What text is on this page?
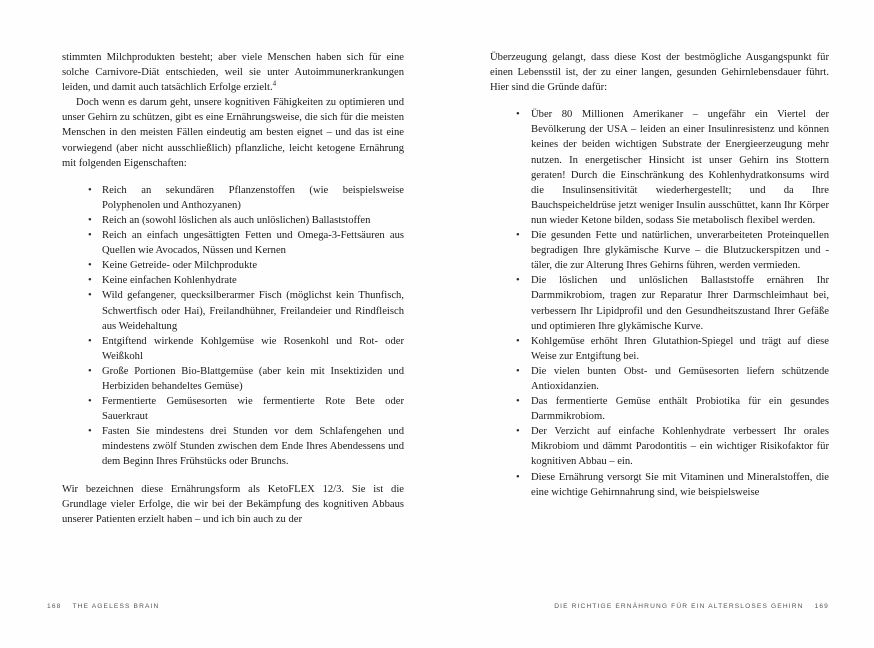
stimmten Milchprodukten besteht; aber viele Menschen haben sich für eine solche Carnivore-Diät entschieden, weil sie unter Autoimmunerkrankungen leiden, und damit auch tatsächlich Erfolge erzielt.$^4$

Doch wenn es darum geht, unsere kognitiven Fähigkeiten zu optimieren und unser Gehirn zu schützen, gibt es eine Ernährungsweise, die sich für die meisten Menschen in den meisten Fällen eindeutig am besten eignet – und das ist eine vorwiegend (aber nicht ausschließlich) pflanzliche, leicht ketogene Ernährung mit folgenden Eigenschaften:

• Reich an sekundären Pflanzenstoffen (wie beispielsweise Polyphenolen und Anthozyanen)
• Reich an (sowohl löslichen als auch unlöslichen) Ballaststoffen
• Reich an einfach ungesättigten Fetten und Omega-3-Fettsäuren aus Quellen wie Avocados, Nüssen und Kernen
• Keine Getreide- oder Milchprodukte
• Keine einfachen Kohlenhydrate
• Wild gefangener, quecksilberarmer Fisch (möglichst kein Thunfisch, Schwertfisch oder Hai), Freilandhühner, Freilandeier und Rindfleisch aus Weidehaltung
• Entgiftend wirkende Kohlgemüse wie Rosenkohl und Rot- oder Weißkohl
• Große Portionen Bio-Blattgemüse (aber kein mit Insektiziden und Herbiziden behandeltes Gemüse)
• Fermentierte Gemüsesorten wie fermentierte Rote Bete oder Sauerkraut
• Fasten Sie mindestens drei Stunden vor dem Schlafengehen und mindestens zwölf Stunden zwischen dem Ende Ihres Abendessens und dem Beginn Ihres Frühstücks oder Brunchs.

Wir bezeichnen diese Ernährungsform als KetoFLEX 12/3. Sie ist die Grundlage vieler Erfolge, die wir bei der Bekämpfung des kognitiven Abbaus unserer Patienten erzielt haben – und ich bin auch zu der

168 THE AGELESS BRAIN

Überzeugung gelangt, dass diese Kost der bestmögliche Ausgangspunkt für einen Lebensstil ist, der zu einer langen, gesunden Gehirnlebensdauer führt. Hier sind die Gründe dafür:

•	Über 80 Millionen Amerikaner – ungefähr ein Viertel der Bevölkerung der USA – leiden an einer Insulinresistenz und können keines der beiden wichtigen Substrate der Energieerzeugung mehr nutzen. In energetischer Hinsicht ist unser Gehirn ins Stottern geraten! Durch die Einschränkung des Kohlenhydratkonsums wird die Insulinsensitivität wiederhergestellt; und da Ihre Bauchspeicheldrüse jetzt weniger Insulin ausschüttet, kann Ihr Körper nun wieder Ketone bilden, sodass Sie metabolisch flexibel werden.
•	Die gesunden Fette und natürlichen, unverarbeiteten Proteinquellen begradigen Ihre glykämische Kurve – die Blutzuckerspitzen und -täler, die zur Alterung Ihres Gehirns führen, werden vermieden.
•	Die löslichen und unlöslichen Ballaststoffe ernähren Ihr Darmmikrobiom, tragen zur Reparatur Ihrer Darmschleimhaut bei, verbessern Ihr Lipidprofil und den Gesundheitszustand Ihrer Gefäße und optimieren Ihre glykämische Kurve.
•	Kohlgemüse erhöht Ihren Glutathion-Spiegel und trägt auf diese Weise zur Entgiftung bei.
•	Die vielen bunten Obst- und Gemüsesorten liefern schützende Antioxidanzien.
•	Das fermentierte Gemüse enthält Probiotika für ein gesundes Darmmikrobiom.
•	Der Verzicht auf einfache Kohlenhydrate verbessert Ihr orales Mikrobiom und dämmt Parodontitis – ein wichtiger Risikofaktor für kognitiven Abbau – ein.
•	Diese Ernährung versorgt Sie mit Vitaminen und Mineralstoffen, die eine wichtige Gehirnnahrung sind, wie beispielsweise
DIE RICHTIGE ERNÄHRUNG FÜR EIN ALTERSLOSES GEHIRN 169
